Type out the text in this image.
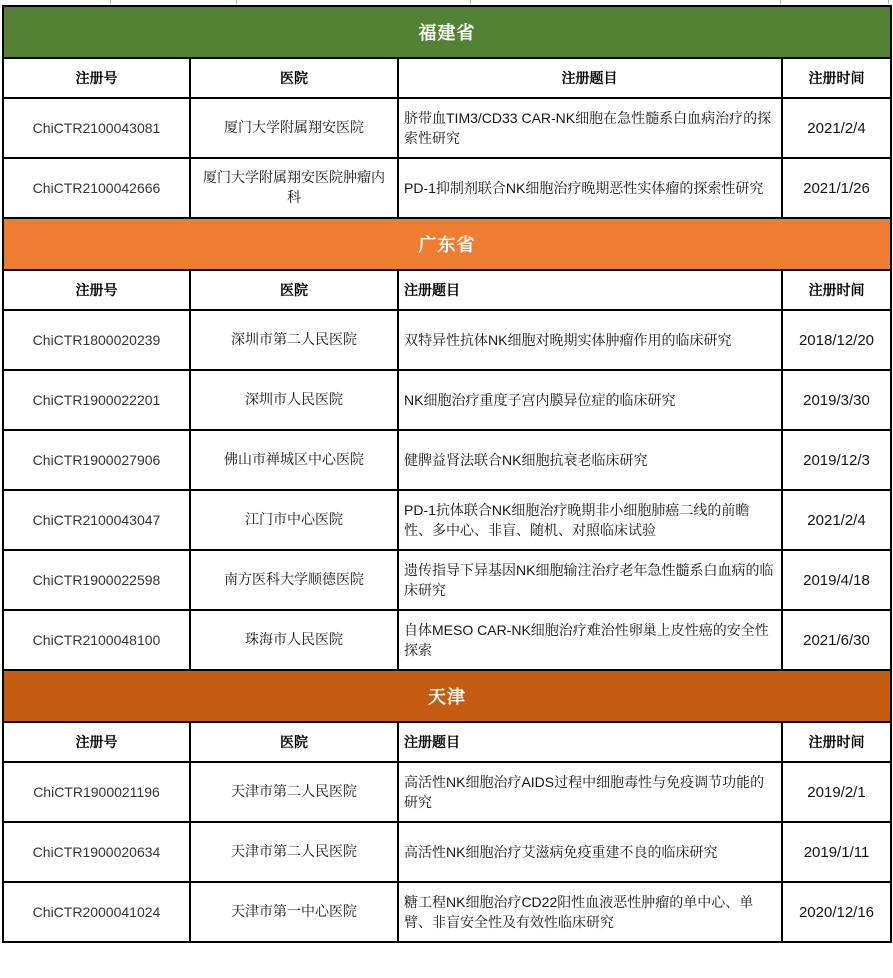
福建省			
注册号	医院	注册题目	注册时间
ChiCTR2100043081	厦门大学附属翔安医院	脐带血TIM3/CD33 CAR-NK细胞在急性髓系白血病治疗的探索性研究	2021/2/4
ChiCTR2100042666	厦门大学附属翔安医院肿瘤内科	PD-1抑制剂联合NK细胞治疗晚期恶性实体瘤的探索性研究	2021/1/26
广东省			
注册号	医院	注册题目	注册时间
ChiCTR1800020239	深圳市第二人民医院	双特异性抗体NK细胞对晚期实体肿瘤作用的临床研究	2018/12/20
ChiCTR1900022201	深圳市人民医院	NK细胞治疗重度子宫内膜异位症的临床研究	2019/3/30
ChiCTR1900027906	佛山市禅城区中心医院	健脾益肾法联合NK细胞抗衰老临床研究	2019/12/3
ChiCTR2100043047	江门市中心医院	PD-1抗体联合NK细胞治疗晚期非小细胞肺癌二线的前瞻性、多中心、非盲、随机、对照临床试验	2021/2/4
ChiCTR1900022598	南方医科大学顺德医院	遗传指导下异基因NK细胞输注治疗老年急性髓系白血病的临床研究	2019/4/18
ChiCTR2100048100	珠海市人民医院	自体MESO CAR-NK细胞治疗难治性卵巢上皮性癌的安全性探索	2021/6/30
天津			
注册号	医院	注册题目	注册时间
ChiCTR1900021196	天津市第二人民医院	高活性NK细胞治疗AIDS过程中细胞毒性与免疫调节功能的研究	2019/2/1
ChiCTR1900020634	天津市第二人民医院	高活性NK细胞治疗艾滋病免疫重建不良的临床研究	2019/1/11
ChiCTR2000041024	天津市第一中心医院	糖工程NK细胞治疗CD22阳性血液恶性肿瘤的单中心、单臂、非盲安全性及有效性临床研究	2020/12/16
